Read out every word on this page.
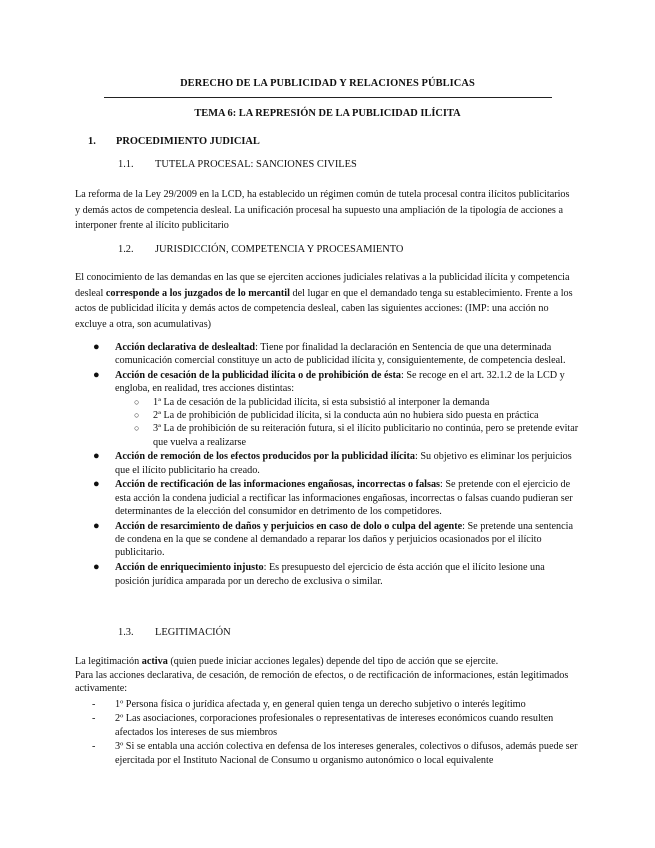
DERECHO DE LA PUBLICIDAD Y RELACIONES PÚBLICAS
TEMA 6: LA REPRESIÓN DE LA PUBLICIDAD ILÍCITA
1. PROCEDIMIENTO JUDICIAL
1.1. TUTELA PROCESAL: SANCIONES CIVILES

La reforma de la Ley 29/2009 en la LCD, ha establecido un régimen común de tutela procesal contra ilícitos publicitarios y demás actos de competencia desleal. La unificación procesal ha supuesto una ampliación de la tipología de acciones a interponer frente al ilícito publicitario

1.2. JURISDICCIÓN, COMPETENCIA Y PROCESAMIENTO

El conocimiento de las demandas en las que se ejerciten acciones judiciales relativas a la publicidad ilícita y competencia desleal corresponde a los juzgados de lo mercantil del lugar en que el demandado tenga su establecimiento. Frente a los actos de publicidad ilícita y demás actos de competencia desleal, caben las siguientes acciones: (IMP: una acción no excluye a otra, son acumulativas)

● Acción declarativa de deslealtad: Tiene por finalidad la declaración en Sentencia de que una determinada comunicación comercial constituye un acto de publicidad ilícita y, consiguientemente, de competencia desleal.
● Acción de cesación de la publicidad ilícita o de prohibición de ésta: Se recoge en el art. 32.1.2 de la LCD y engloba, en realidad, tres acciones distintas:
○ 1ª La de cesación de la publicidad ilícita, si esta subsistió al interponer la demanda
○ 2ª La de prohibición de publicidad ilícita, si la conducta aún no hubiera sido puesta en práctica
○ 3ª La de prohibición de su reiteración futura, si el ilícito publicitario no continúa, pero se pretende evitar que vuelva a realizarse
● Acción de remoción de los efectos producidos por la publicidad ilícita: Su objetivo es eliminar los perjuicios que el ilícito publicitario ha creado.
● Acción de rectificación de las informaciones engañosas, incorrectas o falsas: Se pretende con el ejercicio de esta acción la condena judicial a rectificar las informaciones engañosas, incorrectas o falsas cuando pudieran ser determinantes de la elección del consumidor en detrimento de los competidores.
● Acción de resarcimiento de daños y perjuicios en caso de dolo o culpa del agente: Se pretende una sentencia de condena en la que se condene al demandado a reparar los daños y perjuicios ocasionados por el ilícito publicitario.
● Acción de enriquecimiento injusto: Es presupuesto del ejercicio de ésta acción que el ilícito lesione una posición jurídica amparada por un derecho de exclusiva o similar.
1.3. LEGITIMACIÓN

La legitimación activa (quien puede iniciar acciones legales) depende del tipo de acción que se ejercite.

Para las acciones declarativa, de cesación, de remoción de efectos, o de rectificación de informaciones, están legitimados activamente:

- 1º Persona física o jurídica afectada y, en general quien tenga un derecho subjetivo o interés legítimo
- 2º Las asociaciones, corporaciones profesionales o representativas de intereses económicos cuando resulten afectados los intereses de sus miembros
- 3º Si se entabla una acción colectiva en defensa de los intereses generales, colectivos o difusos, además puede ser ejercitada por el Instituto Nacional de Consumo u organismo autonómico o local equivalente
